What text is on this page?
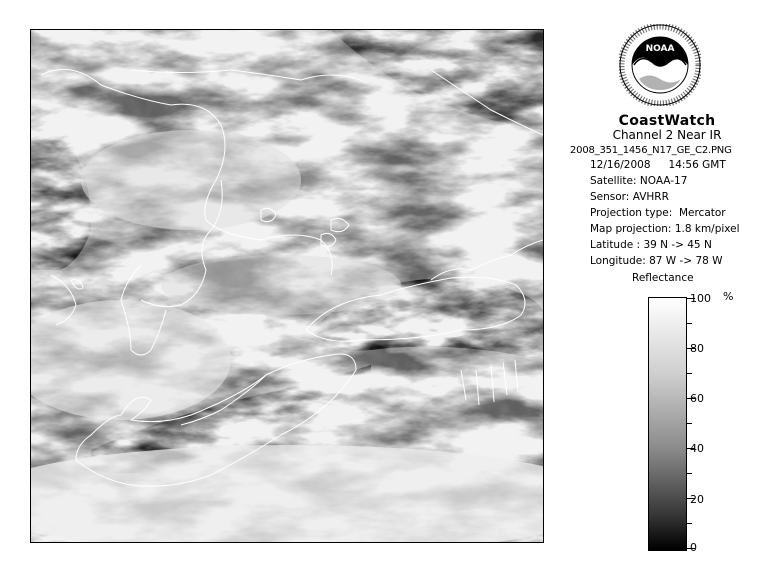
NOAA
CoastWatch
Channel 2 Near IR
2008_351_1456_N17_GE_C2.PNG
12/16/2008 14:56 GMT
Satellite: NOAA-17
Sensor: AVHRR
Projection type: Mercator
Map projection: 1.8 km/pixel
Latitude : 39 N -> 45 N
Longitude: 87 W -> 78 W
Reflectance
%
100
80
60
40
20
0
